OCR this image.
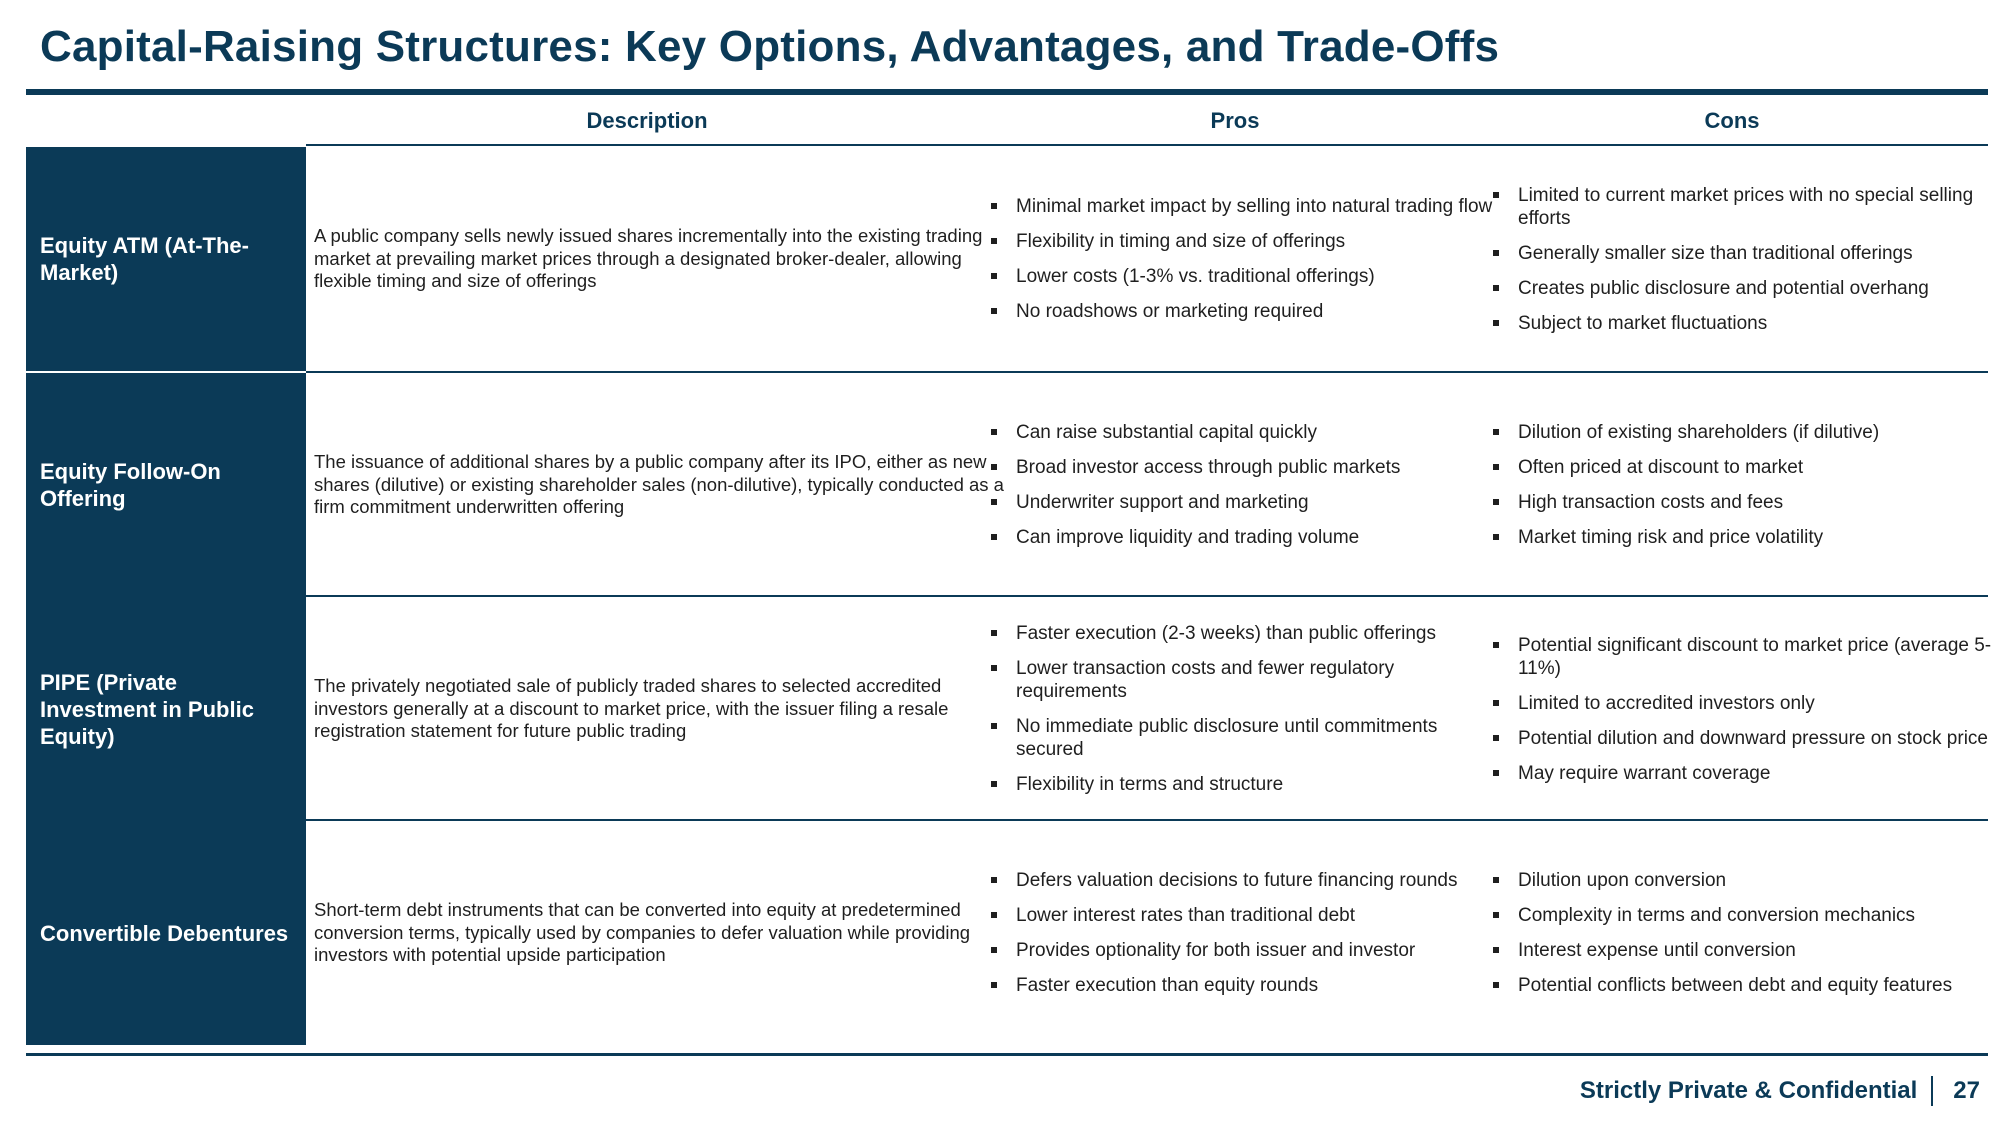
Capital-Raising Structures: Key Options, Advantages, and Trade-Offs
Description	Pros	Cons
Equity ATM (At-The-Market)
A public company sells newly issued shares incrementally into the existing trading market at prevailing market prices through a designated broker-dealer, allowing flexible timing and size of offerings
Minimal market impact by selling into natural trading flow
Flexibility in timing and size of offerings
Lower costs (1-3% vs. traditional offerings)
No roadshows or marketing required
Limited to current market prices with no special selling efforts
Generally smaller size than traditional offerings
Creates public disclosure and potential overhang
Subject to market fluctuations
Equity Follow-On Offering
The issuance of additional shares by a public company after its IPO, either as new shares (dilutive) or existing shareholder sales (non-dilutive), typically conducted as a firm commitment underwritten offering
Can raise substantial capital quickly
Broad investor access through public markets
Underwriter support and marketing
Can improve liquidity and trading volume
Dilution of existing shareholders (if dilutive)
Often priced at discount to market
High transaction costs and fees
Market timing risk and price volatility
PIPE (Private Investment in Public Equity)
The privately negotiated sale of publicly traded shares to selected accredited investors generally at a discount to market price, with the issuer filing a resale registration statement for future public trading
Faster execution (2-3 weeks) than public offerings
Lower transaction costs and fewer regulatory requirements
No immediate public disclosure until commitments secured
Flexibility in terms and structure
Potential significant discount to market price (average 5-11%)
Limited to accredited investors only
Potential dilution and downward pressure on stock price
May require warrant coverage
Convertible Debentures
Short-term debt instruments that can be converted into equity at predetermined conversion terms, typically used by companies to defer valuation while providing investors with potential upside participation
Defers valuation decisions to future financing rounds
Lower interest rates than traditional debt
Provides optionality for both issuer and investor
Faster execution than equity rounds
Dilution upon conversion
Complexity in terms and conversion mechanics
Interest expense until conversion
Potential conflicts between debt and equity features
Strictly Private & Confidential 27
